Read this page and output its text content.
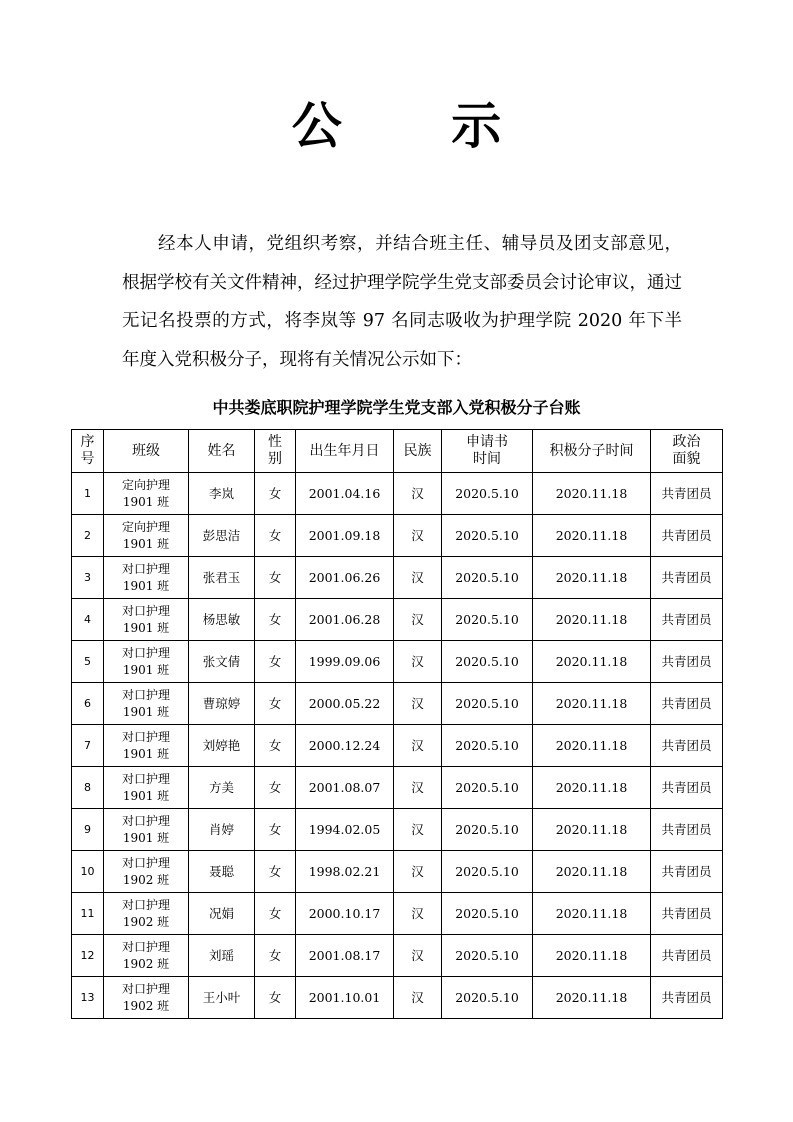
公 示

经本人申请，党组织考察，并结合班主任、辅导员及团支部意见，根据学校有关文件精神，经过护理学院学生党支部委员会讨论审议，通过无记名投票的方式，将李岚等 97 名同志吸收为护理学院 2020 年下半年度入党积极分子，现将有关情况公示如下：

中共娄底职院护理学院学生党支部入党积极分子台账
序
号	班级	姓名	性
别	出生年月日	民族	申请书
时间	积极分子时间	政治
面貌

1	定向护理
1901 班	李岚	女	2001.04.16	汉	2020.5.10	2020.11.18	共青团员
2	定向护理
1901 班	彭思洁	女	2001.09.18	汉	2020.5.10	2020.11.18	共青团员
3	对口护理
1901 班	张君玉	女	2001.06.26	汉	2020.5.10	2020.11.18	共青团员
4	对口护理
1901 班	杨思敏	女	2001.06.28	汉	2020.5.10	2020.11.18	共青团员
5	对口护理
1901 班	张文倩	女	1999.09.06	汉	2020.5.10	2020.11.18	共青团员
6	对口护理
1901 班	曹琼婷	女	2000.05.22	汉	2020.5.10	2020.11.18	共青团员
7	对口护理
1901 班	刘婷艳	女	2000.12.24	汉	2020.5.10	2020.11.18	共青团员
8	对口护理
1901 班	方美	女	2001.08.07	汉	2020.5.10	2020.11.18	共青团员
9	对口护理
1901 班	肖婷	女	1994.02.05	汉	2020.5.10	2020.11.18	共青团员
10	对口护理
1902 班	聂聪	女	1998.02.21	汉	2020.5.10	2020.11.18	共青团员
11	对口护理
1902 班	况娟	女	2000.10.17	汉	2020.5.10	2020.11.18	共青团员
12	对口护理
1902 班	刘瑶	女	2001.08.17	汉	2020.5.10	2020.11.18	共青团员
13	对口护理
1902 班	王小叶	女	2001.10.01	汉	2020.5.10	2020.11.18	共青团员
